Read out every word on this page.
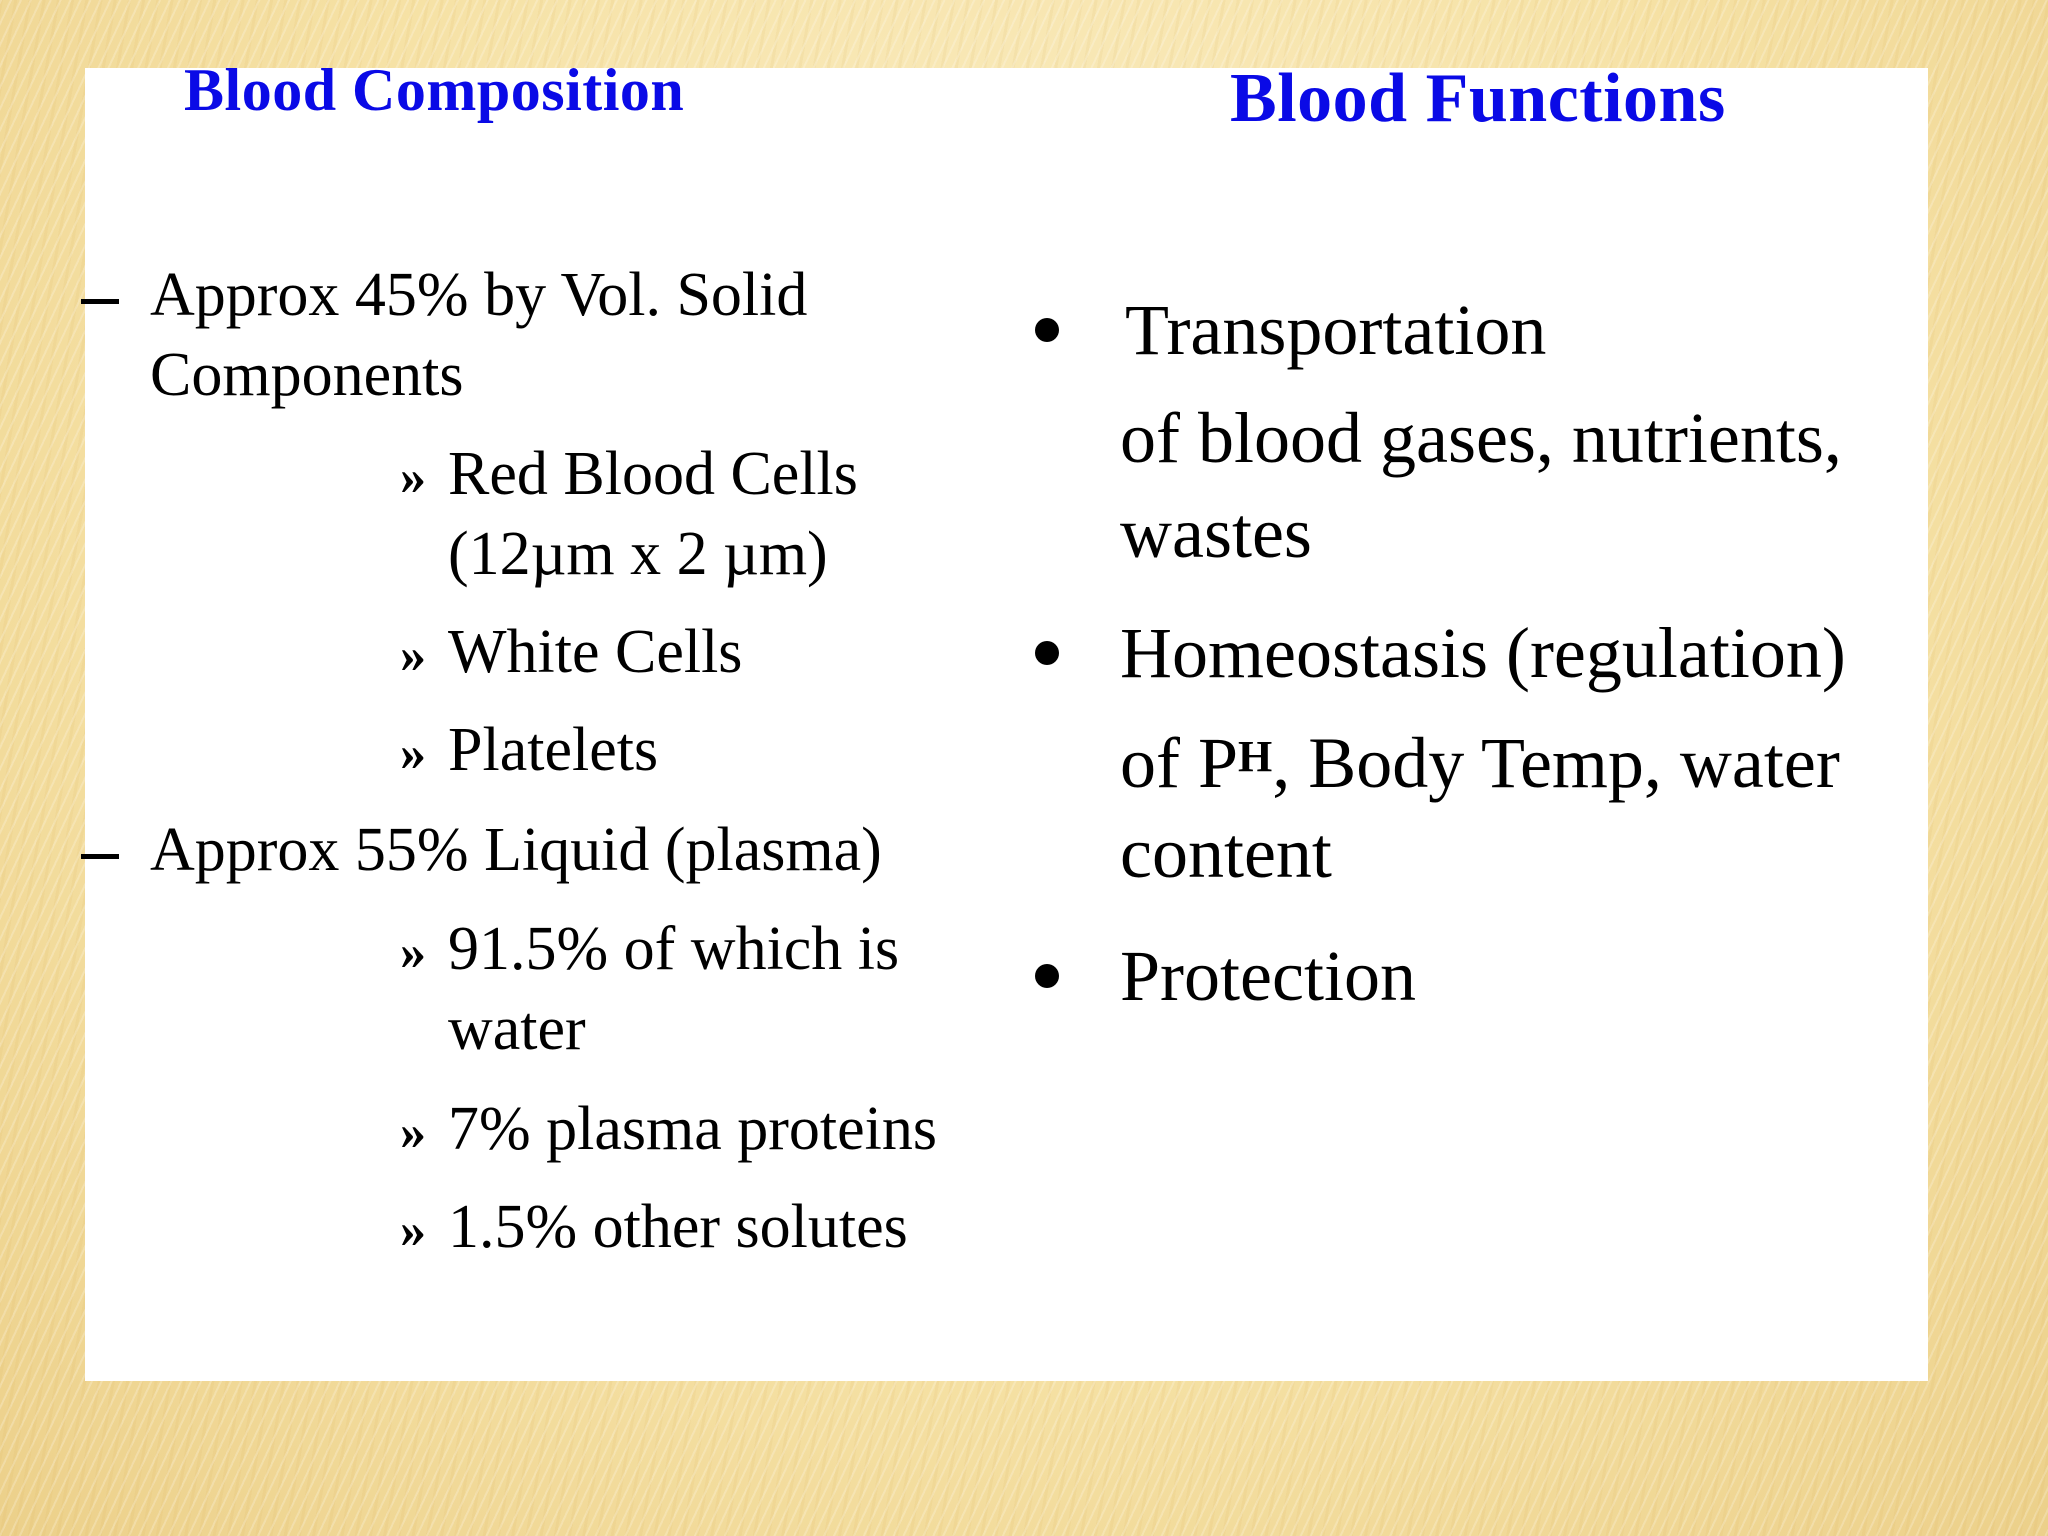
Blood Composition
Approx 45% by Vol. Solid
Components
» Red Blood Cells
(12µm x 2 µm)
» White Cells
» Platelets
Approx 55% Liquid (plasma)
» 91.5% of which is
water
» 7% plasma proteins
» 1.5% other solutes
Blood Functions
Transportation
of blood gases, nutrients,
wastes
Homeostasis (regulation)
of $P^H$, Body Temp, water
content
Protection
